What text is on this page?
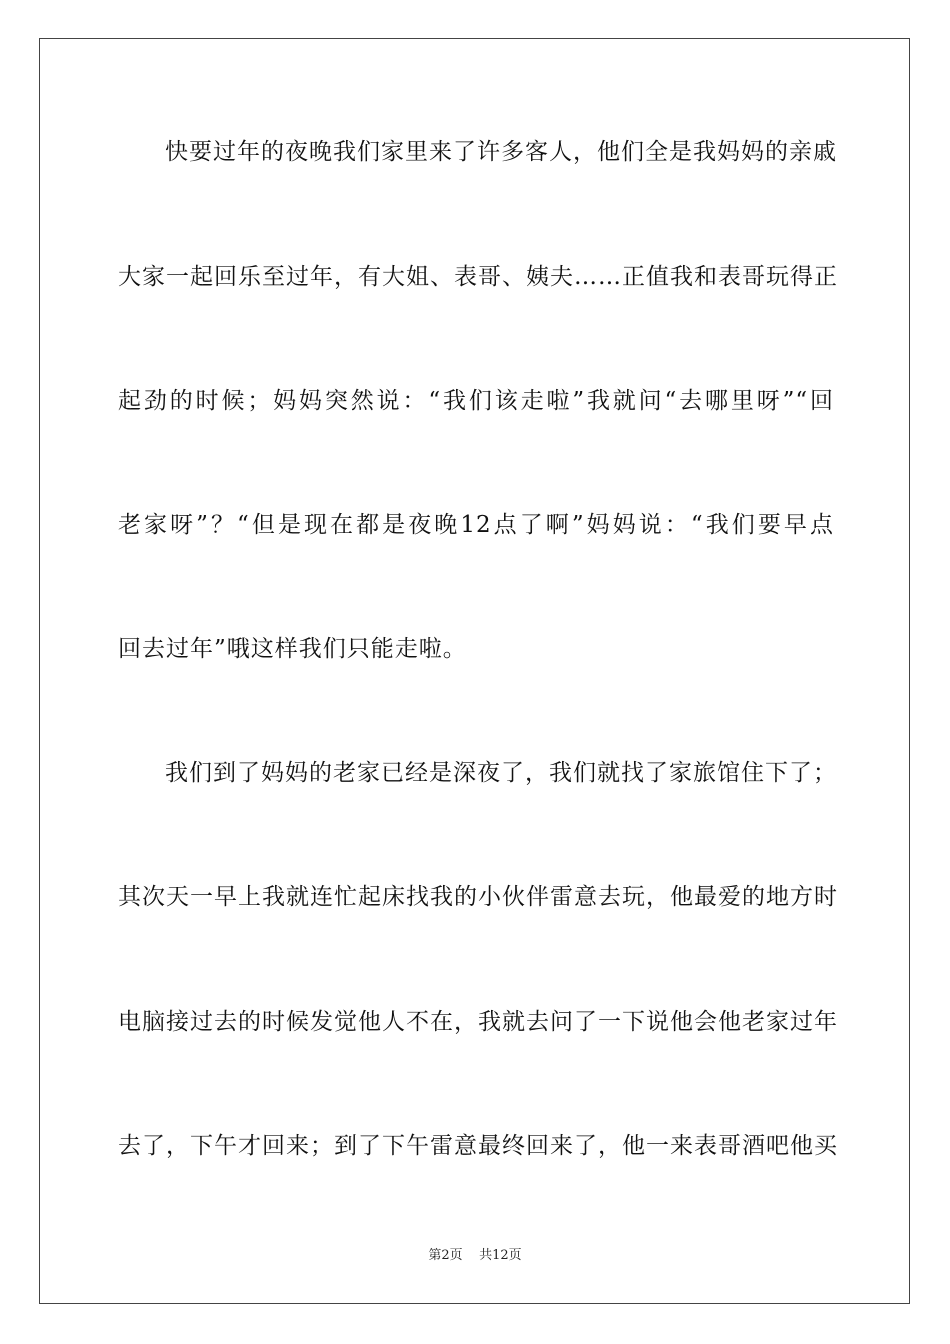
快要过年的夜晚我们家里来了许多客人，他们全是我妈妈的亲戚
大家一起回乐至过年，有大姐、表哥、姨夫……正值我和表哥玩得正
起劲的时候；妈妈突然说：“我们该走啦”我就问“去哪里呀”“回
老家呀”？“但是现在都是夜晚12点了啊”妈妈说：“我们要早点
回去过年”哦这样我们只能走啦。
我们到了妈妈的老家已经是深夜了，我们就找了家旅馆住下了；
其次天一早上我就连忙起床找我的小伙伴雷意去玩，他最爱的地方时
电脑接过去的时候发觉他人不在，我就去问了一下说他会他老家过年
去了，下午才回来；到了下午雷意最终回来了，他一来表哥酒吧他买
第2页    共12页
